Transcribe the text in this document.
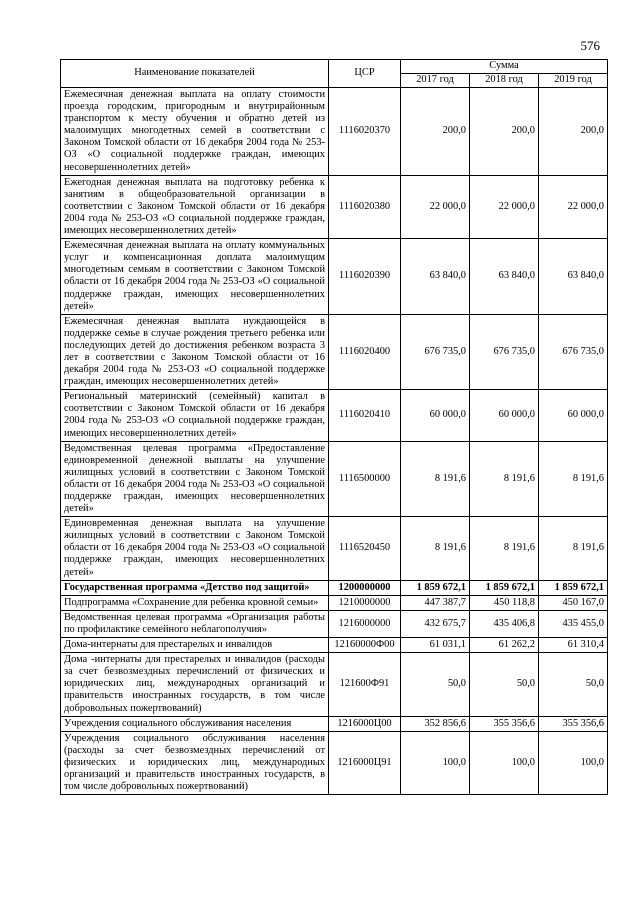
576
Наименование показателей	ЦСР	Сумма		
		2017 год	2018 год	2019 год
Ежемесячная денежная выплата на оплату стоимости проезда городским, пригородным и внутрирайонным транспортом к месту обучения и обратно детей из малоимущих многодетных семей в соответствии с Законом Томской области от 16 декабря 2004 года № 253-ОЗ «О социальной поддержке граждан, имеющих несовершеннолетних детей»	1116020370	200,0	200,0	200,0
Ежегодная денежная выплата на подготовку ребенка к занятиям в общеобразовательной организации в соответствии с Законом Томской области от 16 декабря 2004 года № 253-ОЗ «О социальной поддержке граждан, имеющих несовершеннолетних детей»	1116020380	22 000,0	22 000,0	22 000,0
Ежемесячная денежная выплата на оплату коммунальных услуг и компенсационная доплата малоимущим многодетным семьям в соответствии с Законом Томской области от 16 декабря 2004 года № 253-ОЗ «О социальной поддержке граждан, имеющих несовершеннолетних детей»	1116020390	63 840,0	63 840,0	63 840,0
Ежемесячная денежная выплата нуждающейся в поддержке семье в случае рождения третьего ребенка или последующих детей до достижения ребенком возраста 3 лет в соответствии с Законом Томской области от 16 декабря 2004 года № 253-ОЗ «О социальной поддержке граждан, имеющих несовершеннолетних детей»	1116020400	676 735,0	676 735,0	676 735,0
Региональный материнский (семейный) капитал в соответствии с Законом Томской области от 16 декабря 2004 года № 253-ОЗ «О социальной поддержке граждан, имеющих несовершеннолетних детей»	1116020410	60 000,0	60 000,0	60 000,0
Ведомственная целевая программа «Предоставление единовременной денежной выплаты на улучшение жилищных условий в соответствии с Законом Томской области от 16 декабря 2004 года № 253-ОЗ «О социальной поддержке граждан, имеющих несовершеннолетних детей»	1116500000	8 191,6	8 191,6	8 191,6
Единовременная денежная выплата на улучшение жилищных условий в соответствии с Законом Томской области от 16 декабря 2004 года № 253-ОЗ «О социальной поддержке граждан, имеющих несовершеннолетних детей»	1116520450	8 191,6	8 191,6	8 191,6
Государственная программа «Детство под защитой»	1200000000	1 859 672,1	1 859 672,1	1 859 672,1
Подпрограмма «Сохранение для ребенка кровной семьи»	1210000000	447 387,7	450 118,8	450 167,0
Ведомственная целевая программа «Организация работы по профилактике семейного неблагополучия»	1216000000	432 675,7	435 406,8	435 455,0
Дома-интернаты для престарелых и инвалидов	12160000Ф00	61 031,1	61 262,2	61 310,4
Дома -интернаты для престарелых и инвалидов (расходы за счет безвозмездных перечислений от физических и юридических лиц, международных организаций и правительств иностранных государств, в том числе добровольных пожертвований)	121600Ф91	50,0	50,0	50,0
Учреждения социального обслуживания населения	1216000Ц00	352 856,6	355 356,6	355 356,6
Учреждения социального обслуживания населения (расходы за счет безвозмездных перечислений от физических и юридических лиц, международных организаций и правительств иностранных государств, в том числе добровольных пожертвований)	1216000Ц91	100,0	100,0	100,0
